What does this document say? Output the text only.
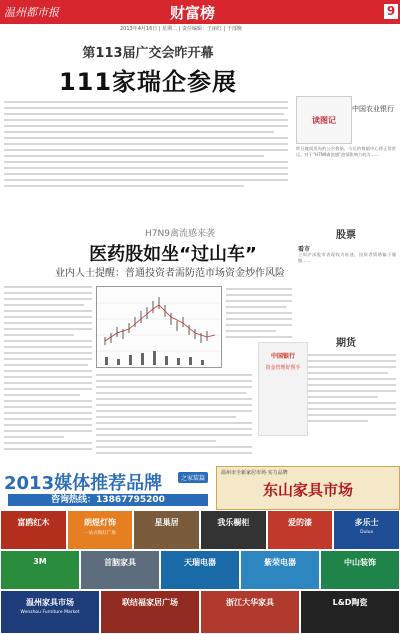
温州都市报	财富榜	9
2013年4月16日 | 星期二 | 责任编辑：王丽红 | 干部晚
第113届广交会昨开幕
111家瑞企参展
读图记
中国农业银行
昨日晚间发布的公告数据，今后的数据中心将正常营运。对于“H7N9禽流感”疫情影响力较为……
股票
看市
上周沪深股市表现较为低迷，投资者情绪偏于谨慎……
期货
H7N9禽流感来袭
医药股如坐“过山车”
业内人士提醒：普通投资者需防范市场资金炒作风险
中国银行
资金管理好帮手
2013媒体推荐品牌	之家装篇
咨询热线：13867795200
温州市全新家居市场·实力品牌
东山家具市场
富鸥红木	朗煜灯饰
一站式购灯广场
星巢居	我乐橱柜	爱的漆	多乐士
Dulux
3M	首脑家具	天瑞电器	紫荣电器	中山装饰
温州家具市场
Wenzhou Furniture Market
联结福家居广场	浙江大华家具	L&D陶瓷
